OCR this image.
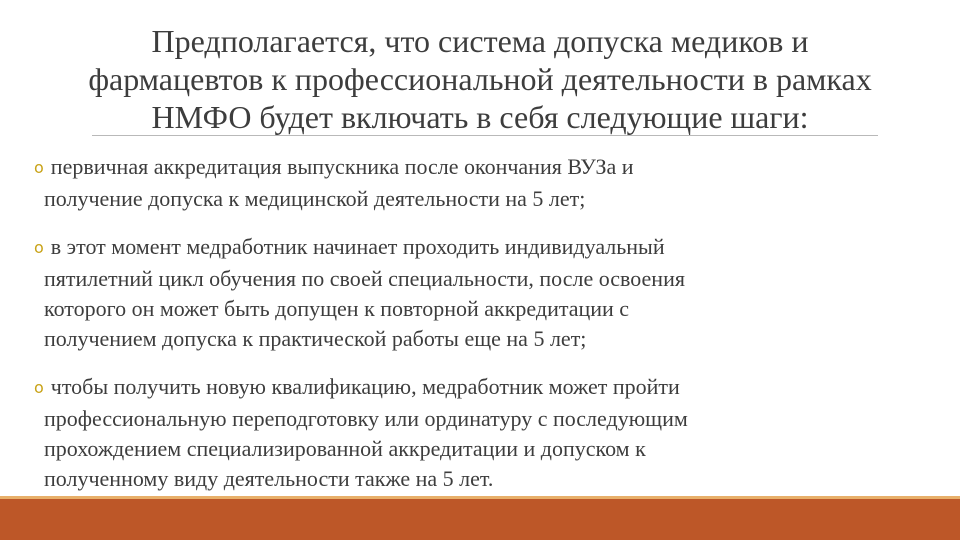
Предполагается, что система допуска медиков и
фармацевтов к профессиональной деятельности в рамках
НМФО будет включать в себя следующие шаги:
o первичная аккредитация выпускника после окончания ВУЗа и
получение допуска к медицинской деятельности на 5 лет;
o в этот момент медработник начинает проходить индивидуальный
пятилетний цикл обучения по своей специальности, после освоения
которого он может быть допущен к повторной аккредитации с
получением допуска к практической работы еще на 5 лет;
o чтобы получить новую квалификацию, медработник может пройти
профессиональную переподготовку или ординатуру с последующим
прохождением специализированной аккредитации и допуском к
полученному виду деятельности также на 5 лет.
